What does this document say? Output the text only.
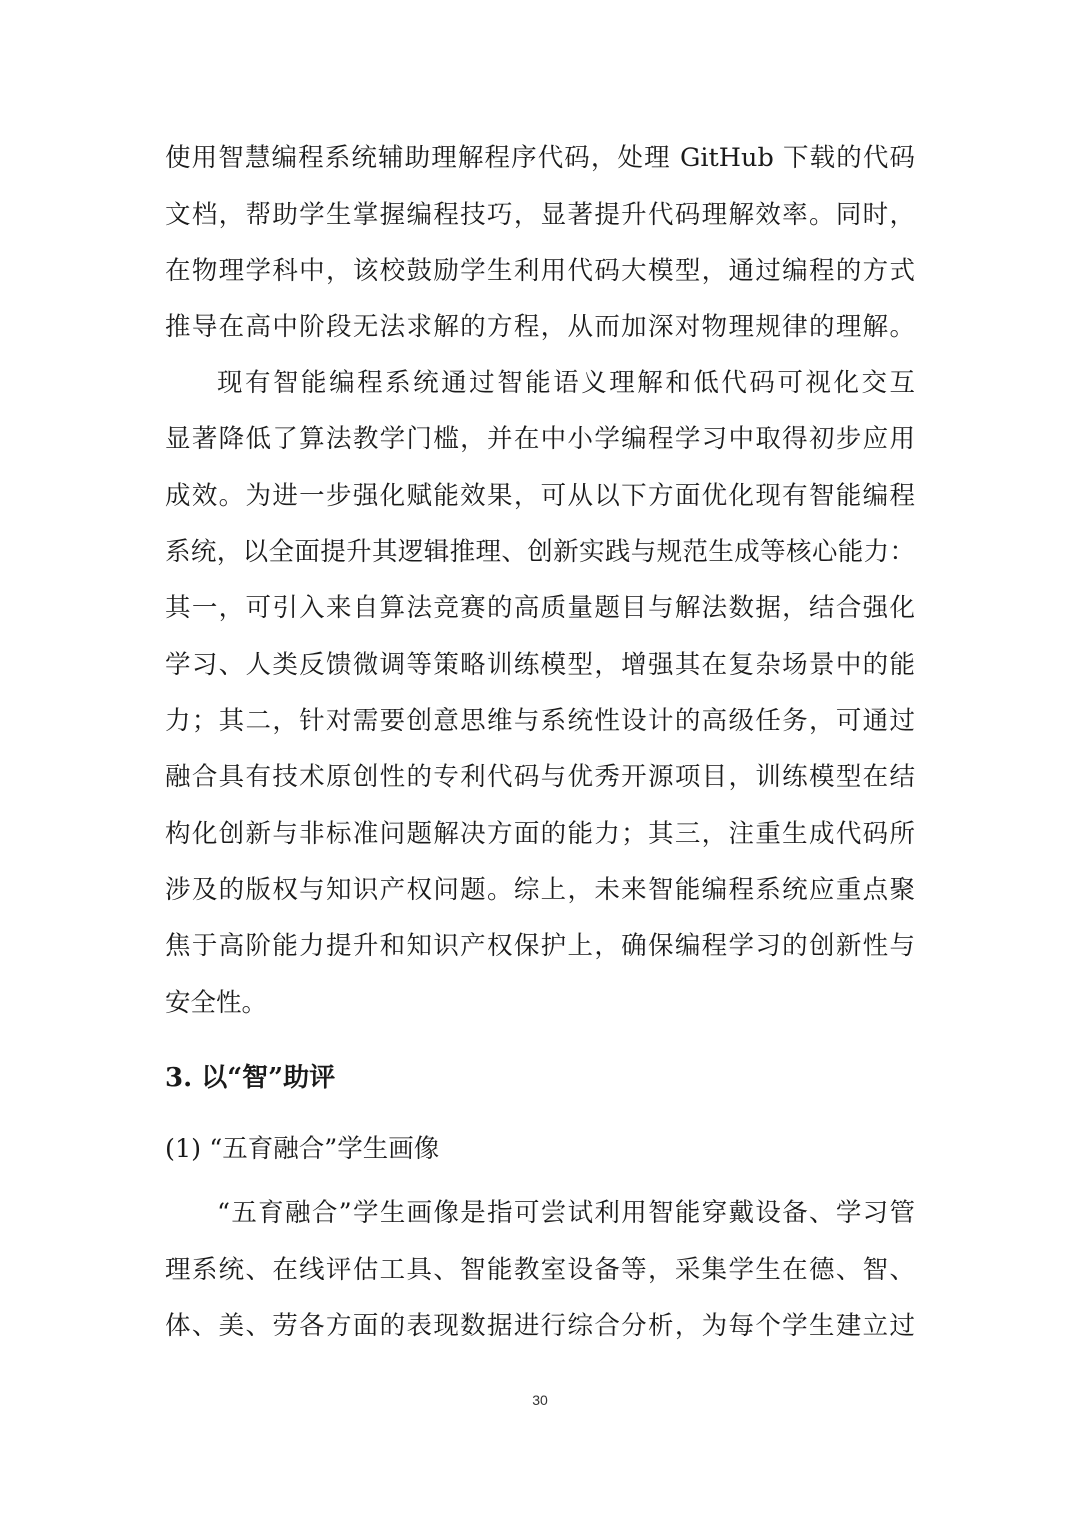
使用智慧编程系统辅助理解程序代码，处理 GitHub 下载的代码
文档，帮助学生掌握编程技巧，显著提升代码理解效率。同时，
在物理学科中，该校鼓励学生利用代码大模型，通过编程的方式
推导在高中阶段无法求解的方程，从而加深对物理规律的理解。
现有智能编程系统通过智能语义理解和低代码可视化交互
显著降低了算法教学门槛，并在中小学编程学习中取得初步应用
成效。为进一步强化赋能效果，可从以下方面优化现有智能编程
系统，以全面提升其逻辑推理、创新实践与规范生成等核心能力：
其一，可引入来自算法竞赛的高质量题目与解法数据，结合强化
学习、人类反馈微调等策略训练模型，增强其在复杂场景中的能
力；其二，针对需要创意思维与系统性设计的高级任务，可通过
融合具有技术原创性的专利代码与优秀开源项目，训练模型在结
构化创新与非标准问题解决方面的能力；其三，注重生成代码所
涉及的版权与知识产权问题。综上，未来智能编程系统应重点聚
焦于高阶能力提升和知识产权保护上，确保编程学习的创新性与
安全性。
3. 以“智”助评
(1) “五育融合”学生画像
“五育融合”学生画像是指可尝试利用智能穿戴设备、学习管
理系统、在线评估工具、智能教室设备等，采集学生在德、智、
体、美、劳各方面的表现数据进行综合分析，为每个学生建立过
30
